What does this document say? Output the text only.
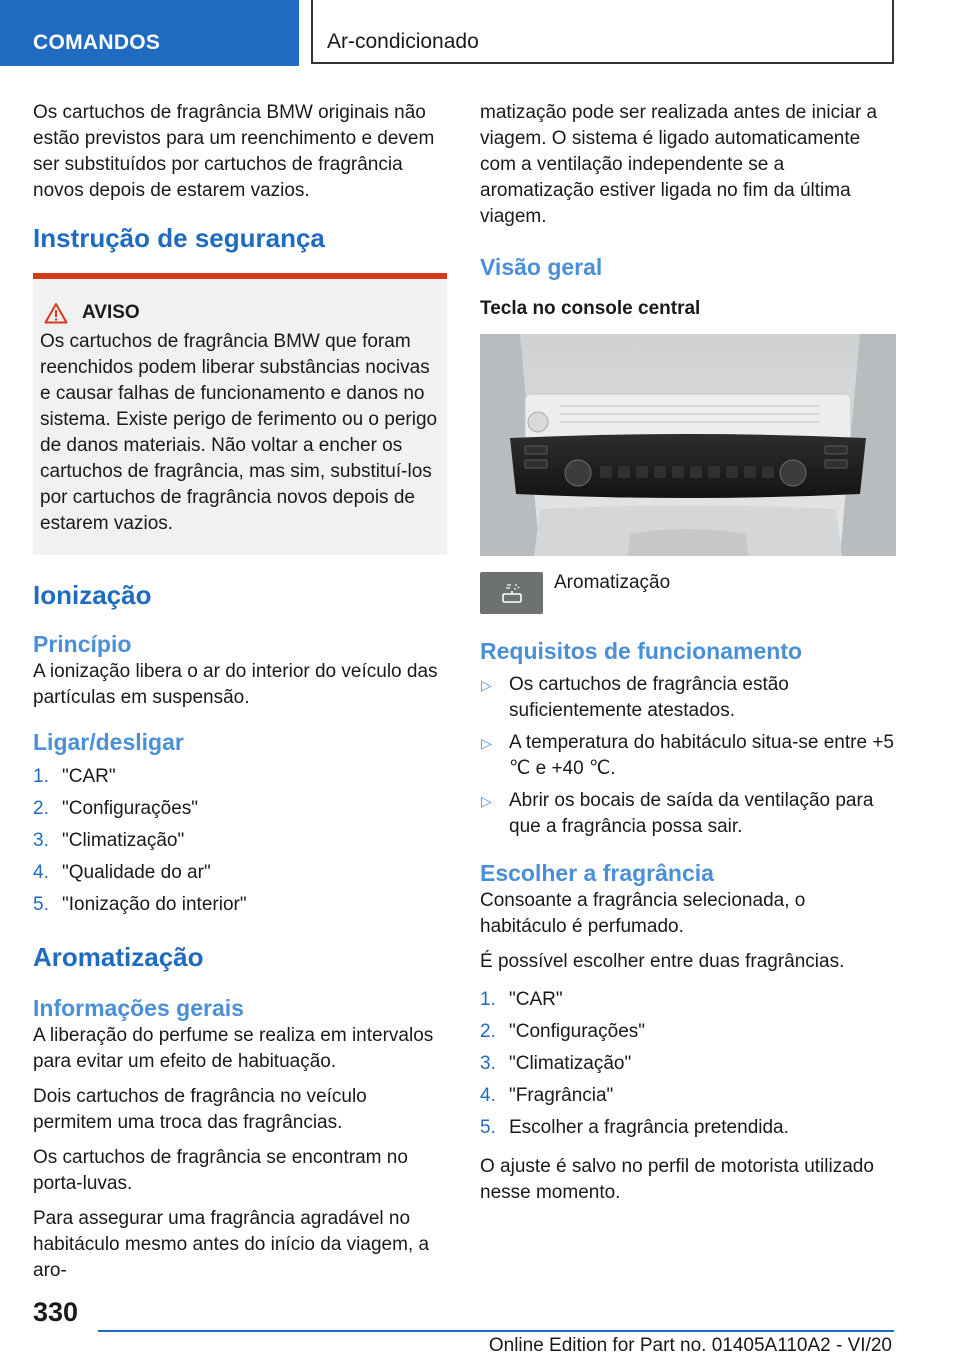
COMANDOS	Ar-condicionado

Os cartuchos de fragrância BMW originais não estão previstos para um reenchimento e devem ser substituídos por cartuchos de fragrância novos depois de estarem vazios.

Instrução de segurança
AVISO

Os cartuchos de fragrância BMW que foram reenchidos podem liberar substâncias nocivas e causar falhas de funcionamento e danos no sistema. Existe perigo de ferimento ou o perigo de danos materiais. Não voltar a encher os cartuchos de fragrância, mas sim, substituí-los por cartuchos de fragrância novos depois de estarem vazios.

Ionização
Princípio

A ionização libera o ar do interior do veículo das partículas em suspensão.

Ligar/desligar
1. "CAR"
2. "Configurações"
3. "Climatização"
4. "Qualidade do ar"
5. "Ionização do interior"
Aromatização
Informações gerais

A liberação do perfume se realiza em intervalos para evitar um efeito de habituação.

Dois cartuchos de fragrância no veículo permitem uma troca das fragrâncias.

Os cartuchos de fragrância se encontram no porta-luvas.

Para assegurar uma fragrância agradável no habitáculo mesmo antes do início da viagem, a aro-

matização pode ser realizada antes de iniciar a viagem. O sistema é ligado automaticamente com a ventilação independente se a aromatização estiver ligada no fim da última viagem.

Visão geral
Tecla no console central
Aromatização
Requisitos de funcionamento
▷ Os cartuchos de fragrância estão suficientemente atestados.
▷ A temperatura do habitáculo situa-se entre +5 ℃ e +40 ℃.
▷ Abrir os bocais de saída da ventilação para que a fragrância possa sair.
Escolher a fragrância

Consoante a fragrância selecionada, o habitáculo é perfumado.

É possível escolher entre duas fragrâncias.

1. "CAR"
2. "Configurações"
3. "Climatização"
4. "Fragrância"
5. Escolher a fragrância pretendida.

O ajuste é salvo no perfil de motorista utilizado nesse momento.

330
Online Edition for Part no. 01405A110A2 - VI/20
